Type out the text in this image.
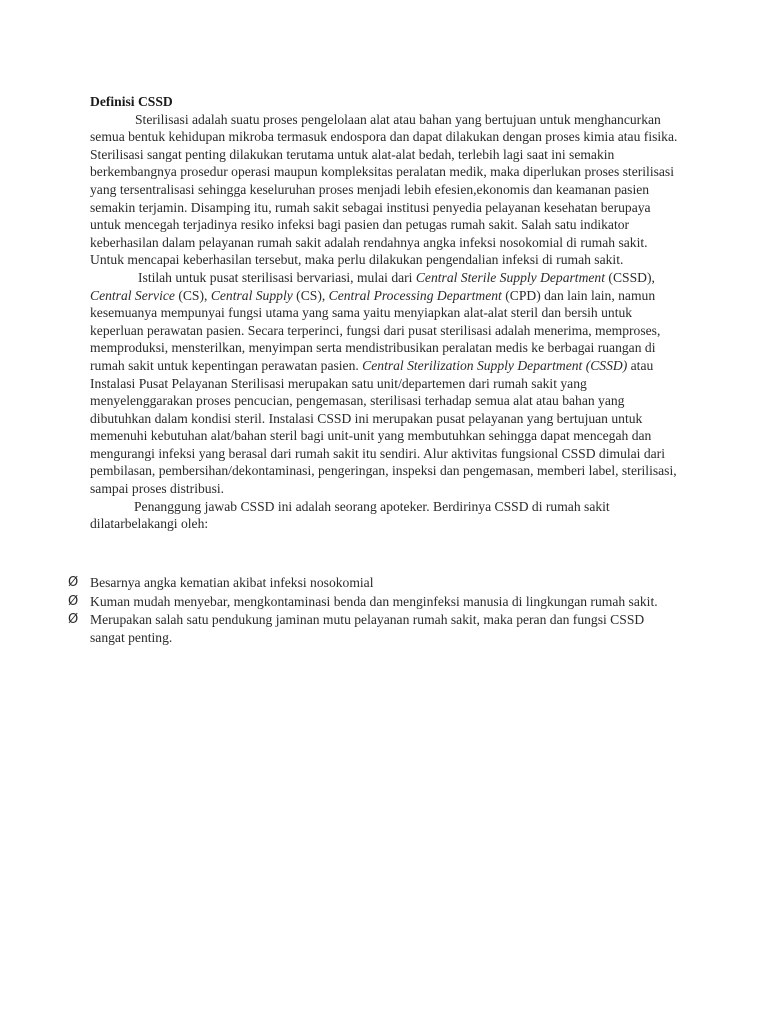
Definisi CSSD

Sterilisasi adalah suatu proses pengelolaan alat atau bahan yang bertujuan untuk menghancurkan semua bentuk kehidupan mikroba termasuk endospora dan dapat dilakukan dengan proses kimia atau fisika. Sterilisasi sangat penting dilakukan terutama untuk alat-alat bedah, terlebih lagi saat ini semakin berkembangnya prosedur operasi maupun kompleksitas peralatan medik, maka diperlukan proses sterilisasi yang tersentralisasi sehingga keseluruhan proses menjadi lebih efesien,ekonomis dan keamanan pasien semakin terjamin. Disamping itu, rumah sakit sebagai institusi penyedia pelayanan kesehatan berupaya untuk mencegah terjadinya resiko infeksi bagi pasien dan petugas rumah sakit. Salah satu indikator keberhasilan dalam pelayanan rumah sakit adalah rendahnya angka infeksi nosokomial di rumah sakit. Untuk mencapai keberhasilan tersebut, maka perlu dilakukan pengendalian infeksi di rumah sakit.

Istilah untuk pusat sterilisasi bervariasi, mulai dari Central Sterile Supply Department (CSSD), Central Service (CS), Central Supply (CS), Central Processing Department (CPD) dan lain lain, namun kesemuanya mempunyai fungsi utama yang sama yaitu menyiapkan alat-alat steril dan bersih untuk keperluan perawatan pasien. Secara terperinci, fungsi dari pusat sterilisasi adalah menerima, memproses, memproduksi, mensterilkan, menyimpan serta mendistribusikan peralatan medis ke berbagai ruangan di rumah sakit untuk kepentingan perawatan pasien. Central Sterilization Supply Department (CSSD) atau Instalasi Pusat Pelayanan Sterilisasi merupakan satu unit/departemen dari rumah sakit yang menyelenggarakan proses pencucian, pengemasan, sterilisasi terhadap semua alat atau bahan yang dibutuhkan dalam kondisi steril. Instalasi CSSD ini merupakan pusat pelayanan yang bertujuan untuk memenuhi kebutuhan alat/bahan steril bagi unit-unit yang membutuhkan sehingga dapat mencegah dan mengurangi infeksi yang berasal dari rumah sakit itu sendiri. Alur aktivitas fungsional CSSD dimulai dari pembilasan, pembersihan/dekontaminasi, pengeringan, inspeksi dan pengemasan, memberi label, sterilisasi, sampai proses distribusi.

Penanggung jawab CSSD ini adalah seorang apoteker. Berdirinya CSSD di rumah sakit dilatarbelakangi oleh:

Ø Besarnya angka kematian akibat infeksi nosokomial
Ø Kuman mudah menyebar, mengkontaminasi benda dan menginfeksi manusia di lingkungan rumah sakit.
Ø Merupakan salah satu pendukung jaminan mutu pelayanan rumah sakit, maka peran dan fungsi CSSD sangat penting.
